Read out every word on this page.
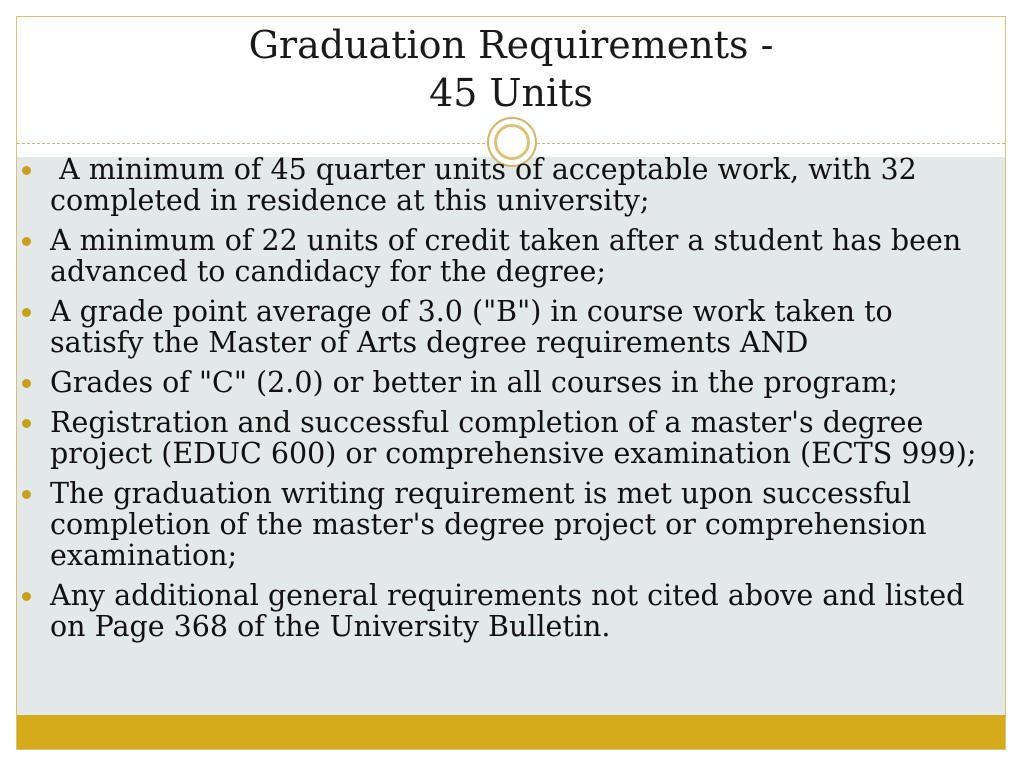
Graduation Requirements -
45 Units
A minimum of 45 quarter units of acceptable work, with 32 completed in residence at this university;
A minimum of 22 units of credit taken after a student has been advanced to candidacy for the degree;
A grade point average of 3.0 ("B") in course work taken to satisfy the Master of Arts degree requirements AND
Grades of "C" (2.0) or better in all courses in the program;
Registration and successful completion of a master's degree project (EDUC 600) or comprehensive examination (ECTS 999);
The graduation writing requirement is met upon successful completion of the master's degree project or comprehension examination;
Any additional general requirements not cited above and listed on Page 368 of the University Bulletin.
